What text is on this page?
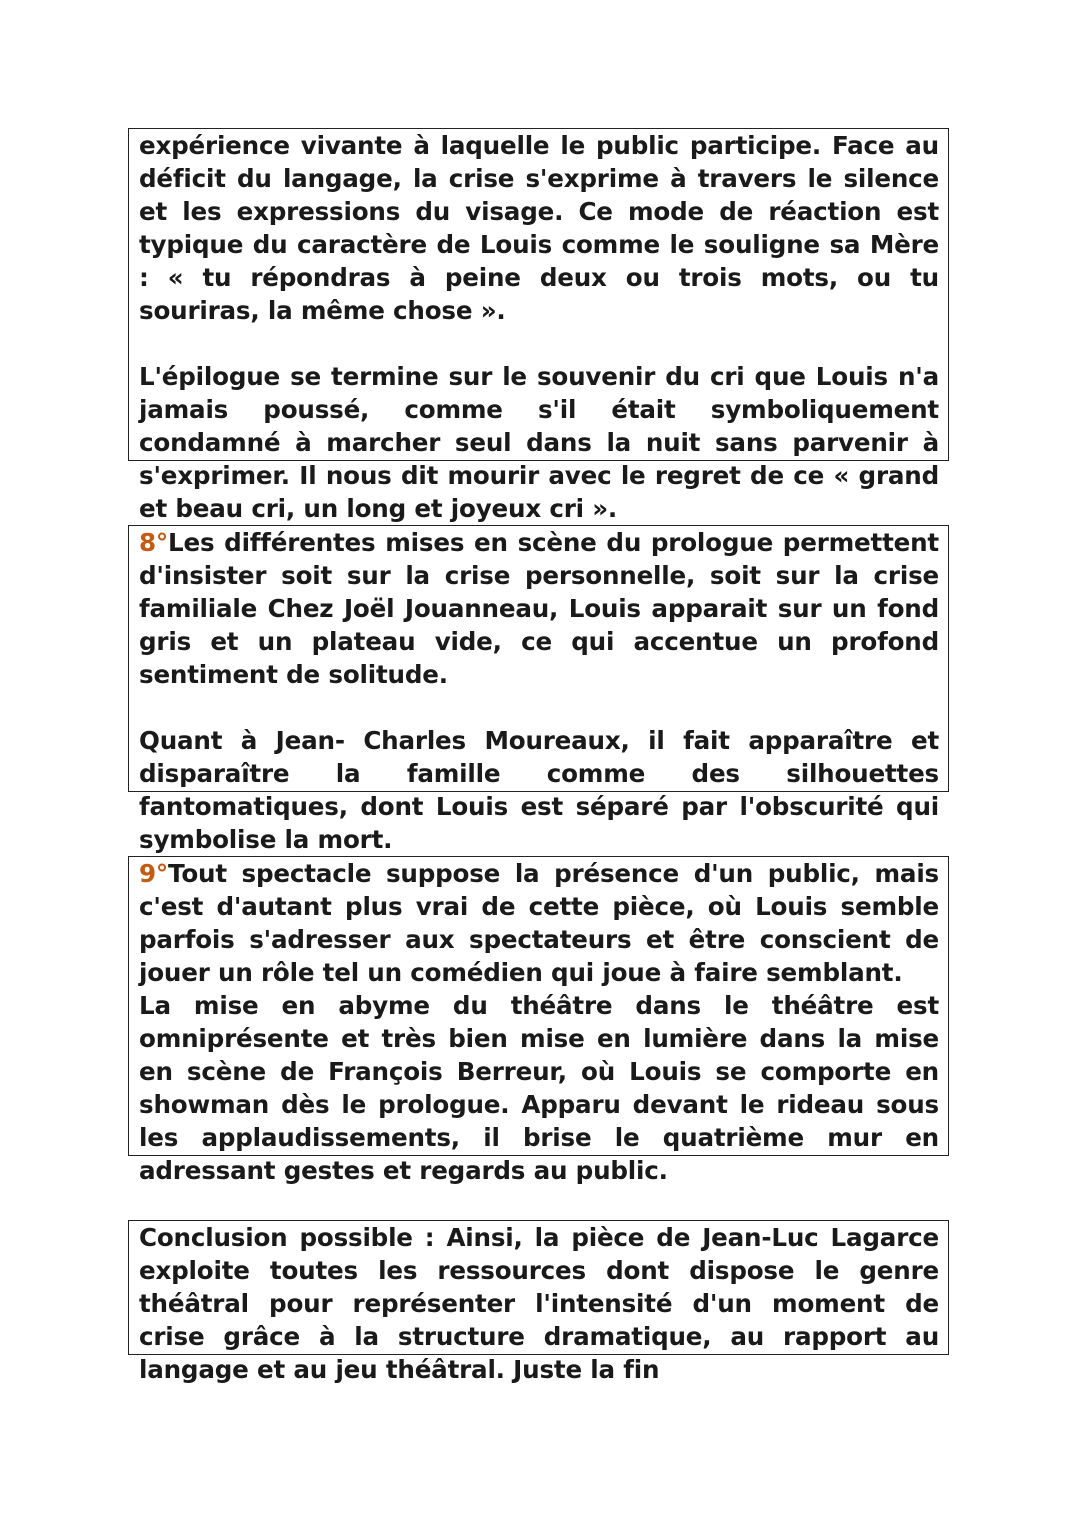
expérience vivante à laquelle le public participe. Face au déficit du langage, la crise s'exprime à travers le silence et les expressions du visage. Ce mode de réaction est typique du caractère de Louis comme le souligne sa Mère : « tu répondras à peine deux ou trois mots, ou tu souriras, la même chose ».

L'épilogue se termine sur le souvenir du cri que Louis n'a jamais poussé, comme s'il était symboliquement condamné à marcher seul dans la nuit sans parvenir à s'exprimer. Il nous dit mourir avec le regret de ce « grand et beau cri, un long et joyeux cri ».

8°Les différentes mises en scène du prologue permettent d'insister soit sur la crise personnelle, soit sur la crise familiale Chez Joël Jouanneau, Louis apparait sur un fond gris et un plateau vide, ce qui accentue un profond sentiment de solitude.

Quant à Jean- Charles Moureaux, il fait apparaître et disparaître la famille comme des silhouettes fantomatiques, dont Louis est séparé par l'obscurité qui symbolise la mort.

9°Tout spectacle suppose la présence d'un public, mais c'est d'autant plus vrai de cette pièce, où Louis semble parfois s'adresser aux spectateurs et être conscient de jouer un rôle tel un comédien qui joue à faire semblant.

La mise en abyme du théâtre dans le théâtre est omniprésente et très bien mise en lumière dans la mise en scène de François Berreur, où Louis se comporte en showman dès le prologue. Apparu devant le rideau sous les applaudissements, il brise le quatrième mur en adressant gestes et regards au public.

Conclusion possible : Ainsi, la pièce de Jean-Luc Lagarce exploite toutes les ressources dont dispose le genre théâtral pour représenter l'intensité d'un moment de crise grâce à la structure dramatique, au rapport au langage et au jeu théâtral. Juste la fin
